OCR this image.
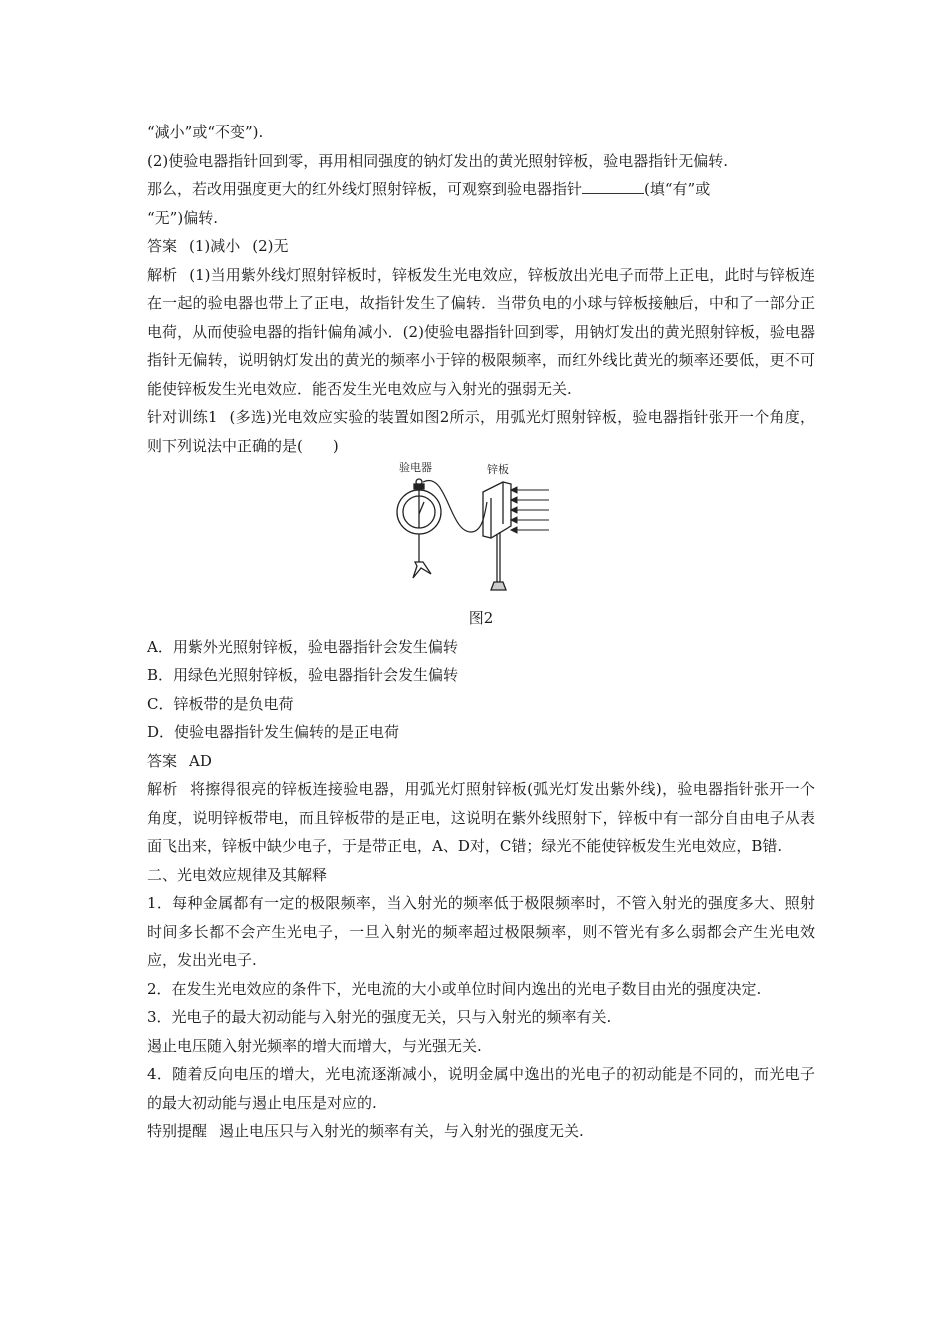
“减小”或“不变”).

(2)使验电器指针回到零，再用相同强度的钠灯发出的黄光照射锌板，验电器指针无偏转.

那么，若改用强度更大的红外线灯照射锌板，可观察到验电器指针	(填“有”或

“无”)偏转.

答案 (1)减小 (2)无

解析 (1)当用紫外线灯照射锌板时，锌板发生光电效应，锌板放出光电子而带上正电，此时与锌板连在一起的验电器也带上了正电，故指针发生了偏转．当带负电的小球与锌板接触后，中和了一部分正电荷，从而使验电器的指针偏角减小．(2)使验电器指针回到零，用钠灯发出的黄光照射锌板，验电器指针无偏转，说明钠灯发出的黄光的频率小于锌的极限频率，而红外线比黄光的频率还要低，更不可能使锌板发生光电效应．能否发生光电效应与入射光的强弱无关.

针对训练1 (多选)光电效应实验的装置如图2所示，用弧光灯照射锌板，验电器指针张开一个角度，则下列说法中正确的是(　　)

验电器	锌板

图2

A．用紫外光照射锌板，验电器指针会发生偏转

B．用绿色光照射锌板，验电器指针会发生偏转

C．锌板带的是负电荷

D．使验电器指针发生偏转的是正电荷

答案 AD

解析 将擦得很亮的锌板连接验电器，用弧光灯照射锌板(弧光灯发出紫外线)，验电器指针张开一个角度，说明锌板带电，而且锌板带的是正电，这说明在紫外线照射下，锌板中有一部分自由电子从表面飞出来，锌板中缺少电子，于是带正电，A、D对，C错；绿光不能使锌板发生光电效应，B错.

二、光电效应规律及其解释

1．每种金属都有一定的极限频率，当入射光的频率低于极限频率时，不管入射光的强度多大、照射时间多长都不会产生光电子，一旦入射光的频率超过极限频率，则不管光有多么弱都会产生光电效应，发出光电子.

2．在发生光电效应的条件下，光电流的大小或单位时间内逸出的光电子数目由光的强度决定.

3．光电子的最大初动能与入射光的强度无关，只与入射光的频率有关.

遏止电压随入射光频率的增大而增大，与光强无关.

4．随着反向电压的增大，光电流逐渐减小，说明金属中逸出的光电子的初动能是不同的，而光电子的最大初动能与遏止电压是对应的.

特别提醒 遏止电压只与入射光的频率有关，与入射光的强度无关.
